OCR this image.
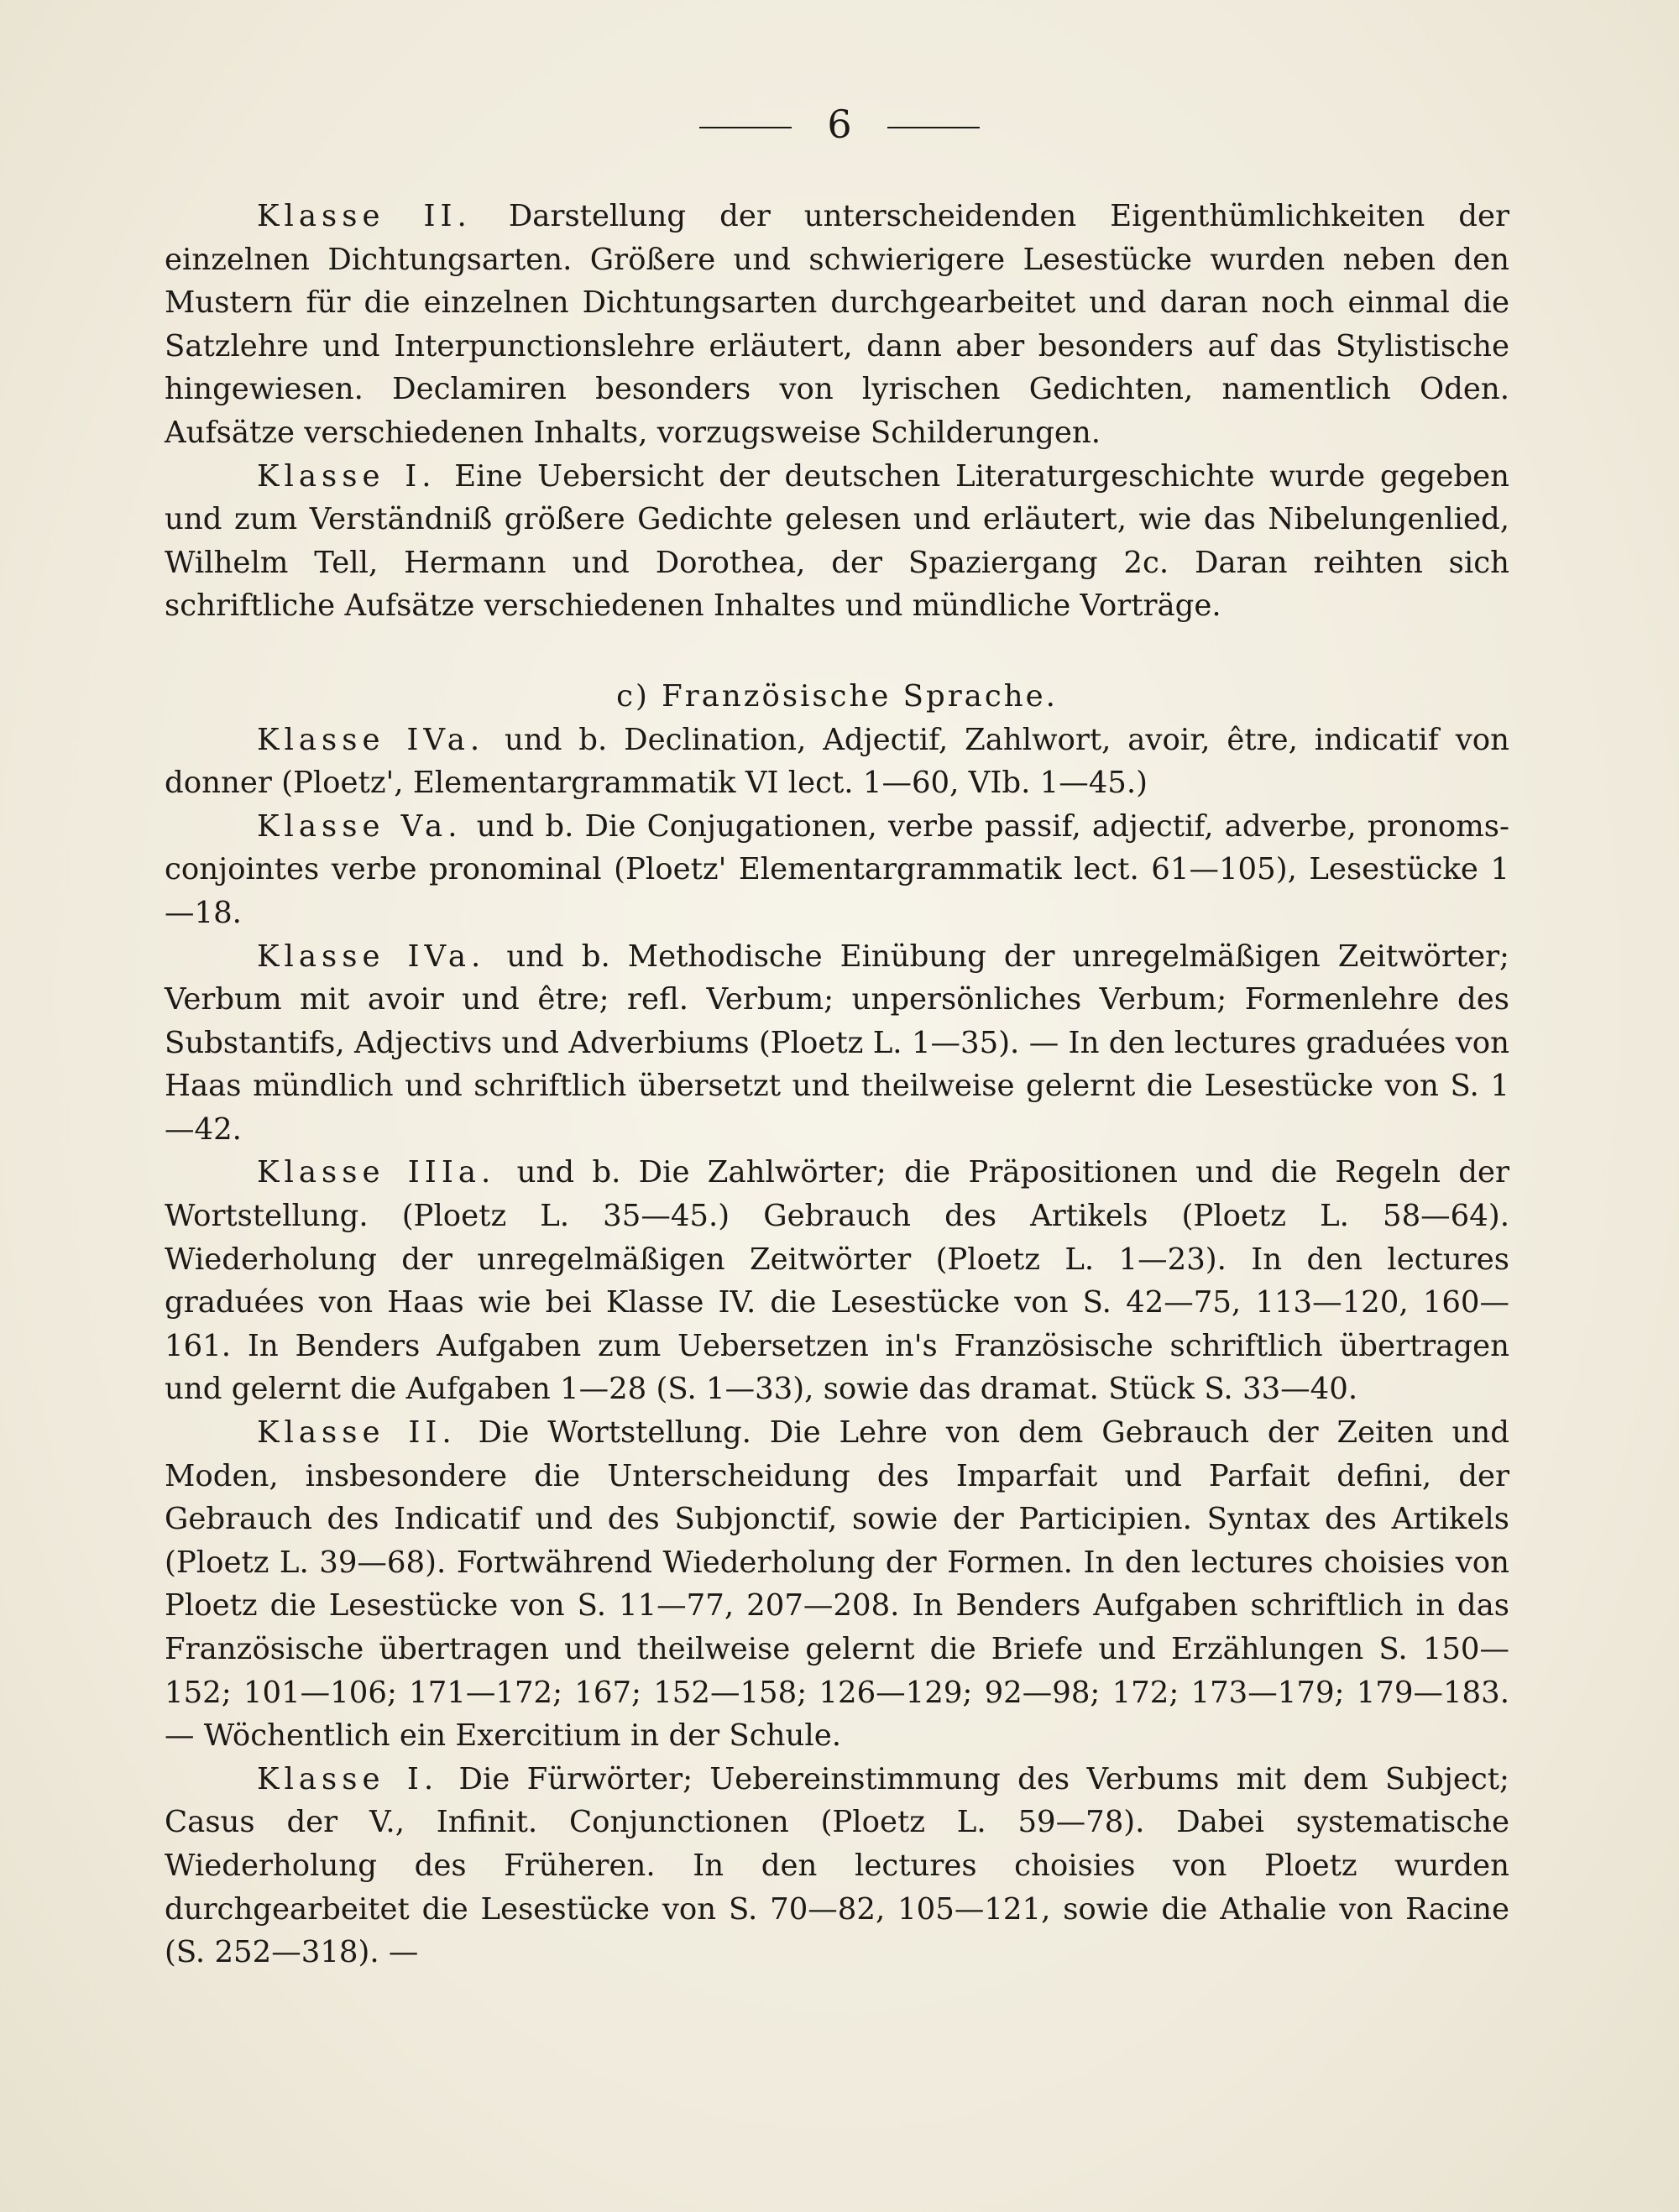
6

Klasse II. Darstellung der unterscheidenden Eigenthümlichkeiten der einzelnen Dichtungsarten. Größere und schwierigere Lesestücke wurden neben den Mustern für die einzelnen Dichtungsarten durchgearbeitet und daran noch einmal die Satzlehre und Interpunctionslehre erläutert, dann aber besonders auf das Stylistische hingewiesen. Declamiren besonders von lyrischen Gedichten, namentlich Oden. Aufsätze verschiedenen Inhalts, vorzugsweise Schilderungen.

Klasse I. Eine Uebersicht der deutschen Literaturgeschichte wurde gegeben und zum Verständniß größere Gedichte gelesen und erläutert, wie das Nibelungenlied, Wilhelm Tell, Hermann und Dorothea, der Spaziergang 2c. Daran reihten sich schriftliche Aufsätze verschiedenen Inhaltes und mündliche Vorträge.

c) Französische Sprache.

Klasse IVa. und b. Declination, Adjectif, Zahlwort, avoir, être, indicatif von donner (Ploetz', Elementargrammatik VI lect. 1—60, VIb. 1—45.)

Klasse Va. und b. Die Conjugationen, verbe passif, adjectif, adverbe, pronoms-conjointes verbe pronominal (Ploetz' Elementargrammatik lect. 61—105), Lesestücke 1—18.

Klasse IVa. und b. Methodische Einübung der unregelmäßigen Zeitwörter; Verbum mit avoir und être; refl. Verbum; unpersönliches Verbum; Formenlehre des Substantifs, Adjectivs und Adverbiums (Ploetz L. 1—35). — In den lectures graduées von Haas mündlich und schriftlich übersetzt und theilweise gelernt die Lesestücke von S. 1—42.

Klasse IIIa. und b. Die Zahlwörter; die Präpositionen und die Regeln der Wortstellung. (Ploetz L. 35—45.) Gebrauch des Artikels (Ploetz L. 58—64). Wiederholung der unregelmäßigen Zeitwörter (Ploetz L. 1—23). In den lectures graduées von Haas wie bei Klasse IV. die Lesestücke von S. 42—75, 113—120, 160—161. In Benders Aufgaben zum Uebersetzen in's Französische schriftlich übertragen und gelernt die Aufgaben 1—28 (S. 1—33), sowie das dramat. Stück S. 33—40.

Klasse II. Die Wortstellung. Die Lehre von dem Gebrauch der Zeiten und Moden, insbesondere die Unterscheidung des Imparfait und Parfait defini, der Gebrauch des Indicatif und des Subjonctif, sowie der Participien. Syntax des Artikels (Ploetz L. 39—68). Fortwährend Wiederholung der Formen. In den lectures choisies von Ploetz die Lesestücke von S. 11—77, 207—208. In Benders Aufgaben schriftlich in das Französische übertragen und theilweise gelernt die Briefe und Erzählungen S. 150—152; 101—106; 171—172; 167; 152—158; 126—129; 92—98; 172; 173—179; 179—183. — Wöchentlich ein Exercitium in der Schule.

Klasse I. Die Fürwörter; Uebereinstimmung des Verbums mit dem Subject; Casus der V., Infinit. Conjunctionen (Ploetz L. 59—78). Dabei systematische Wiederholung des Früheren. In den lectures choisies von Ploetz wurden durchgearbeitet die Lesestücke von S. 70—82, 105—121, sowie die Athalie von Racine (S. 252—318). —
